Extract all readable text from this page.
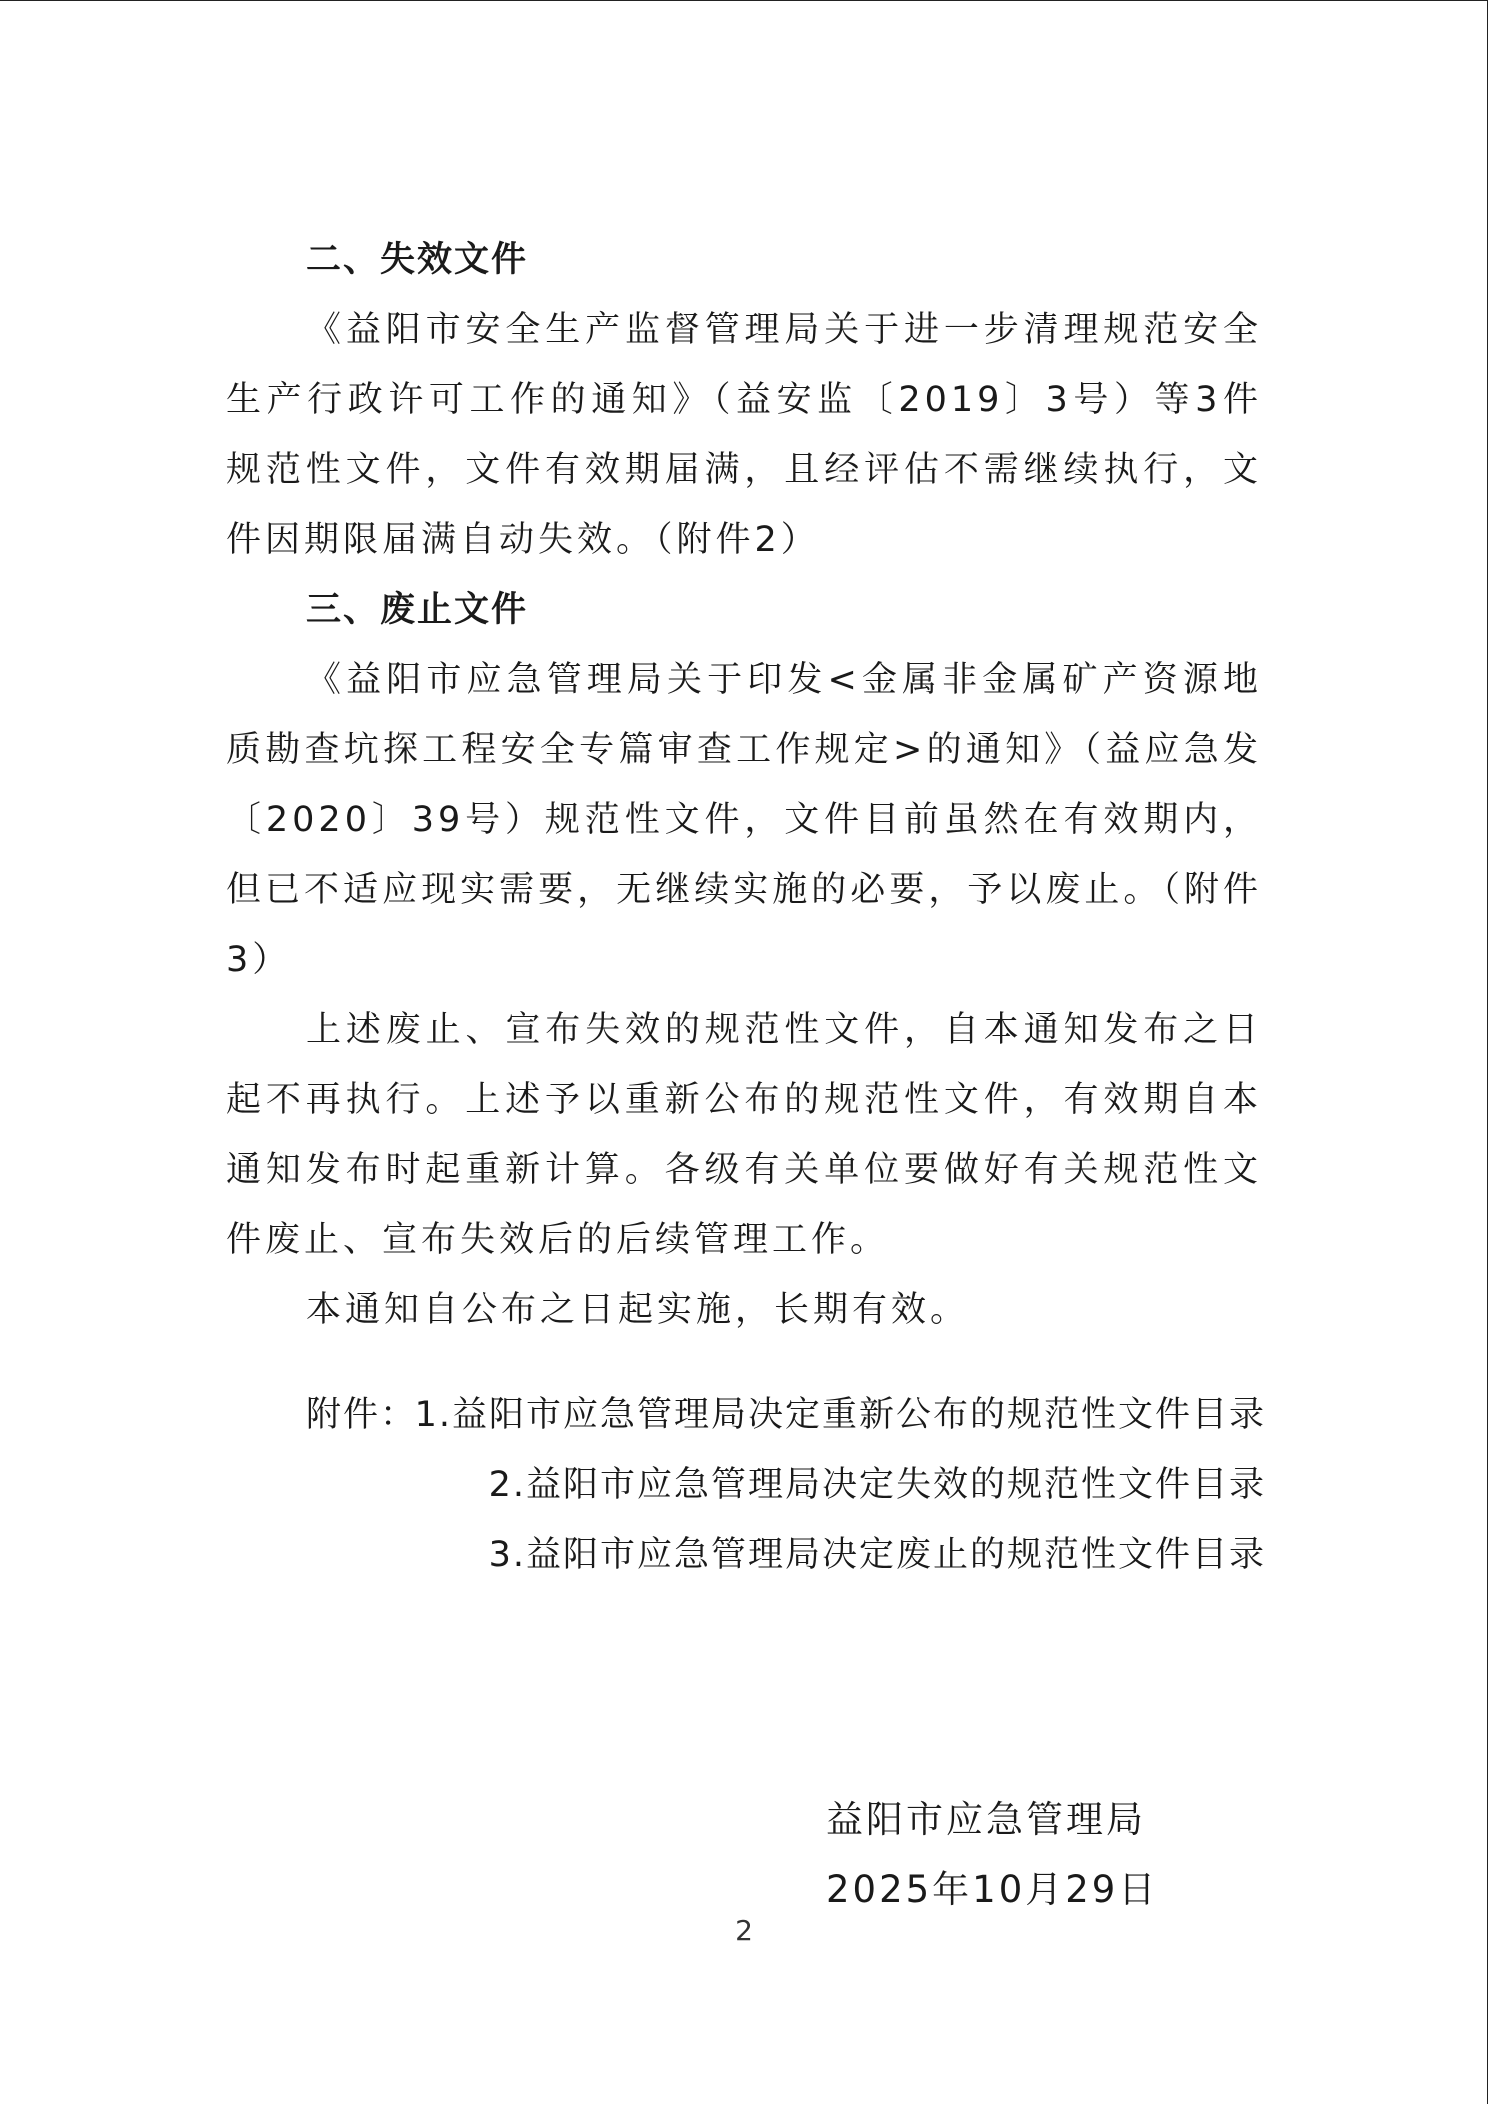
二、失效文件

《益阳市安全生产监督管理局关于进一步清理规范安全生产行政许可工作的通知》（益安监〔2019〕3号）等3件规范性文件，文件有效期届满，且经评估不需继续执行，文件因期限届满自动失效。（附件2）

三、废止文件

《益阳市应急管理局关于印发<金属非金属矿产资源地质勘查坑探工程安全专篇审查工作规定>的通知》（益应急发〔2020〕39号）规范性文件，文件目前虽然在有效期内，但已不适应现实需要，无继续实施的必要，予以废止。（附件3）

上述废止、宣布失效的规范性文件，自本通知发布之日起不再执行。上述予以重新公布的规范性文件，有效期自本通知发布时起重新计算。各级有关单位要做好有关规范性文件废止、宣布失效后的后续管理工作。

本通知自公布之日起实施，长期有效。

附件：
1.益阳市应急管理局决定重新公布的规范性文件目录
2.益阳市应急管理局决定失效的规范性文件目录
3.益阳市应急管理局决定废止的规范性文件目录
益阳市应急管理局
2025年10月29日
2
